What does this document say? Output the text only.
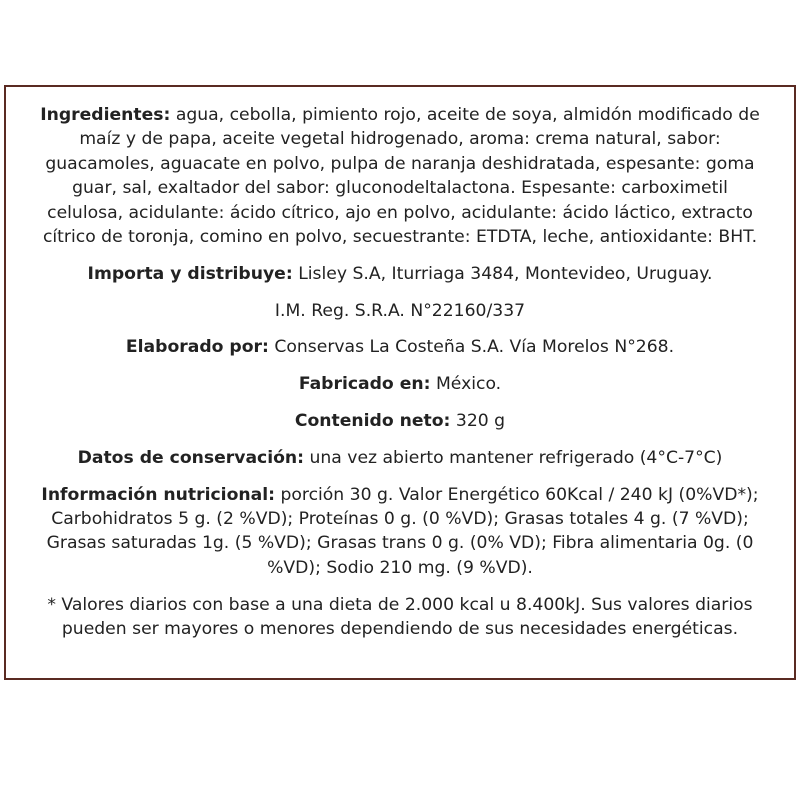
Ingredientes: agua, cebolla, pimiento rojo, aceite de soya, almidón modificado de maíz y de papa, aceite vegetal hidrogenado, aroma: crema natural, sabor: guacamoles, aguacate en polvo, pulpa de naranja deshidratada, espesante: goma guar, sal, exaltador del sabor: gluconodeltalactona. Espesante: carboximetil celulosa, acidulante: ácido cítrico, ajo en polvo, acidulante: ácido láctico, extracto cítrico de toronja, comino en polvo, secuestrante: ETDTA, leche, antioxidante: BHT.

Importa y distribuye: Lisley S.A, Iturriaga 3484, Montevideo, Uruguay.

I.M. Reg. S.R.A. N°22160/337

Elaborado por: Conservas La Costeña S.A. Vía Morelos N°268.

Fabricado en: México.

Contenido neto: 320 g

Datos de conservación: una vez abierto mantener refrigerado (4°C-7°C)

Información nutricional: porción 30 g. Valor Energético 60Kcal / 240 kJ (0%VD*); Carbohidratos 5 g. (2 %VD); Proteínas 0 g. (0 %VD); Grasas totales 4 g. (7 %VD); Grasas saturadas 1g. (5 %VD); Grasas trans 0 g. (0% VD); Fibra alimentaria 0g. (0 %VD); Sodio 210 mg. (9 %VD).

* Valores diarios con base a una dieta de 2.000 kcal u 8.400kJ. Sus valores diarios pueden ser mayores o menores dependiendo de sus necesidades energéticas.
